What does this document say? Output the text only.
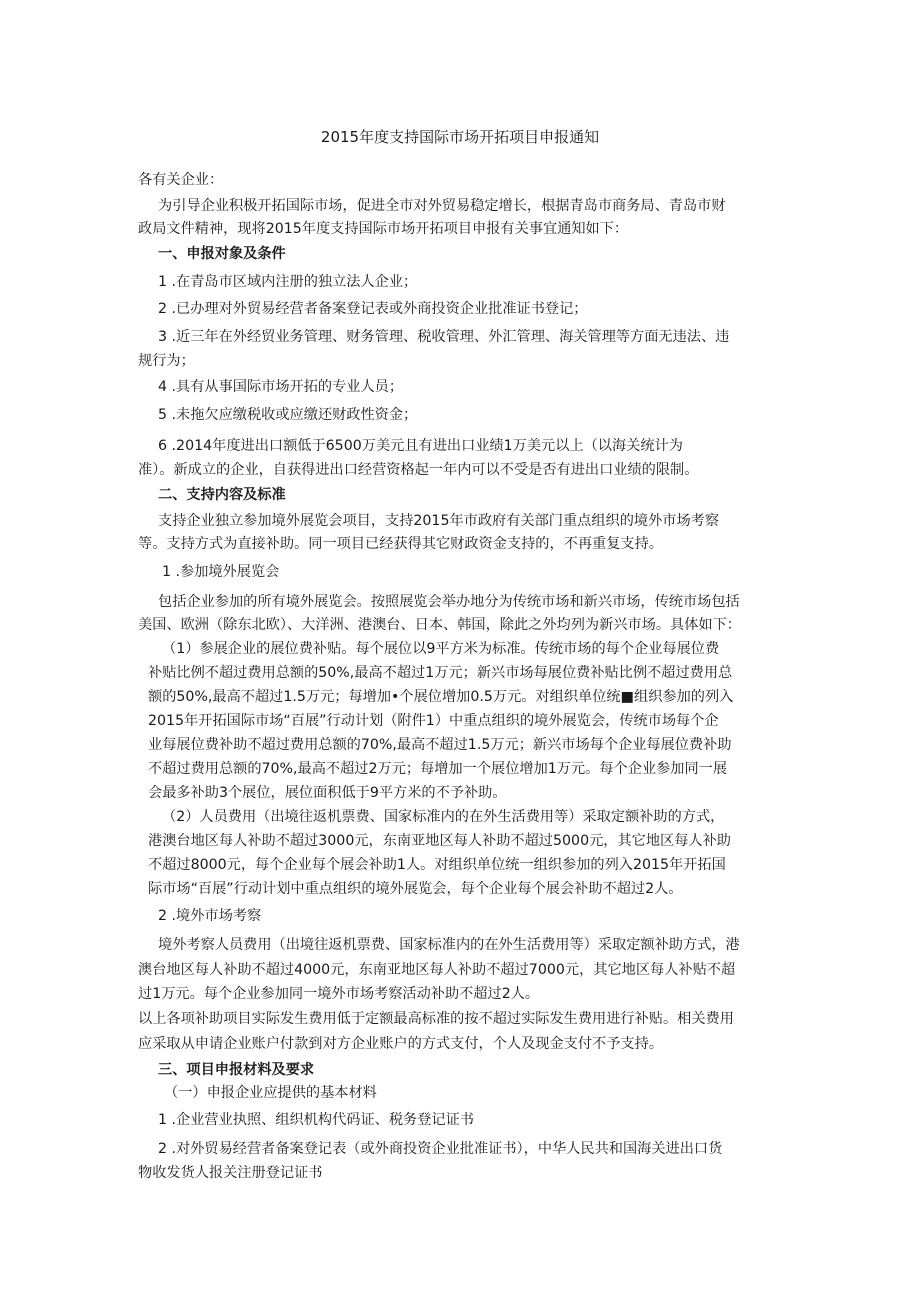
2015年度支持国际市场开拓项目申报通知
各有关企业：
为引导企业积极开拓国际市场，促进全市对外贸易稳定增长，根据青岛市商务局、青岛市财
政局文件精神，现将2015年度支持国际市场开拓项目申报有关事宜通知如下：
一、申报对象及条件
1 .在青岛市区域内注册的独立法人企业；
2 .已办理对外贸易经营者备案登记表或外商投资企业批准证书登记；
3 .近三年在外经贸业务管理、财务管理、税收管理、外汇管理、海关管理等方面无违法、违
规行为；
4 .具有从事国际市场开拓的专业人员；
5 .未拖欠应缴税收或应缴还财政性资金；
6 .2014年度进出口额低于6500万美元且有进出口业绩1万美元以上（以海关统计为
准）。新成立的企业，自获得进出口经营资格起一年内可以不受是否有进出口业绩的限制。
二、支持内容及标准
支持企业独立参加境外展览会项目，支持2015年市政府有关部门重点组织的境外市场考察
等。支持方式为直接补助。同一项目已经获得其它财政资金支持的，不再重复支持。
1 .参加境外展览会
包括企业参加的所有境外展览会。按照展览会举办地分为传统市场和新兴市场，传统市场包括
美国、欧洲（除东北欧）、大洋洲、港澳台、日本、韩国，除此之外均列为新兴市场。具体如下：
（1）参展企业的展位费补贴。每个展位以9平方米为标准。传统市场的每个企业每展位费
补贴比例不超过费用总额的50%,最高不超过1万元；新兴市场每展位费补贴比例不超过费用总
额的50%,最高不超过1.5万元；每增加•个展位增加0.5万元。对组织单位统■组织参加的列入
2015年开拓国际市场“百展”行动计划（附件1）中重点组织的境外展览会，传统市场每个企
业每展位费补助不超过费用总额的70%,最高不超过1.5万元；新兴市场每个企业每展位费补助
不超过费用总额的70%,最高不超过2万元；每增加一个展位增加1万元。每个企业参加同一展
会最多补助3个展位，展位面积低于9平方米的不予补助。
（2）人员费用（出境往返机票费、国家标准内的在外生活费用等）采取定额补助的方式，
港澳台地区每人补助不超过3000元，东南亚地区每人补助不超过5000元，其它地区每人补助
不超过8000元，每个企业每个展会补助1人。对组织单位统一组织参加的列入2015年开拓国
际市场“百展”行动计划中重点组织的境外展览会，每个企业每个展会补助不超过2人。
2 .境外市场考察
境外考察人员费用（出境往返机票费、国家标准内的在外生活费用等）采取定额补助方式，港
澳台地区每人补助不超过4000元，东南亚地区每人补助不超过7000元，其它地区每人补贴不超
过1万元。每个企业参加同一境外市场考察活动补助不超过2人。
以上各项补助项目实际发生费用低于定额最高标准的按不超过实际发生费用进行补贴。相关费用
应采取从申请企业账户付款到对方企业账户的方式支付，个人及现金支付不予支持。
三、项目申报材料及要求
（一）申报企业应提供的基本材料
1 .企业营业执照、组织机构代码证、税务登记证书
2 .对外贸易经营者备案登记表（或外商投资企业批准证书），中华人民共和国海关进出口货
物收发货人报关注册登记证书
